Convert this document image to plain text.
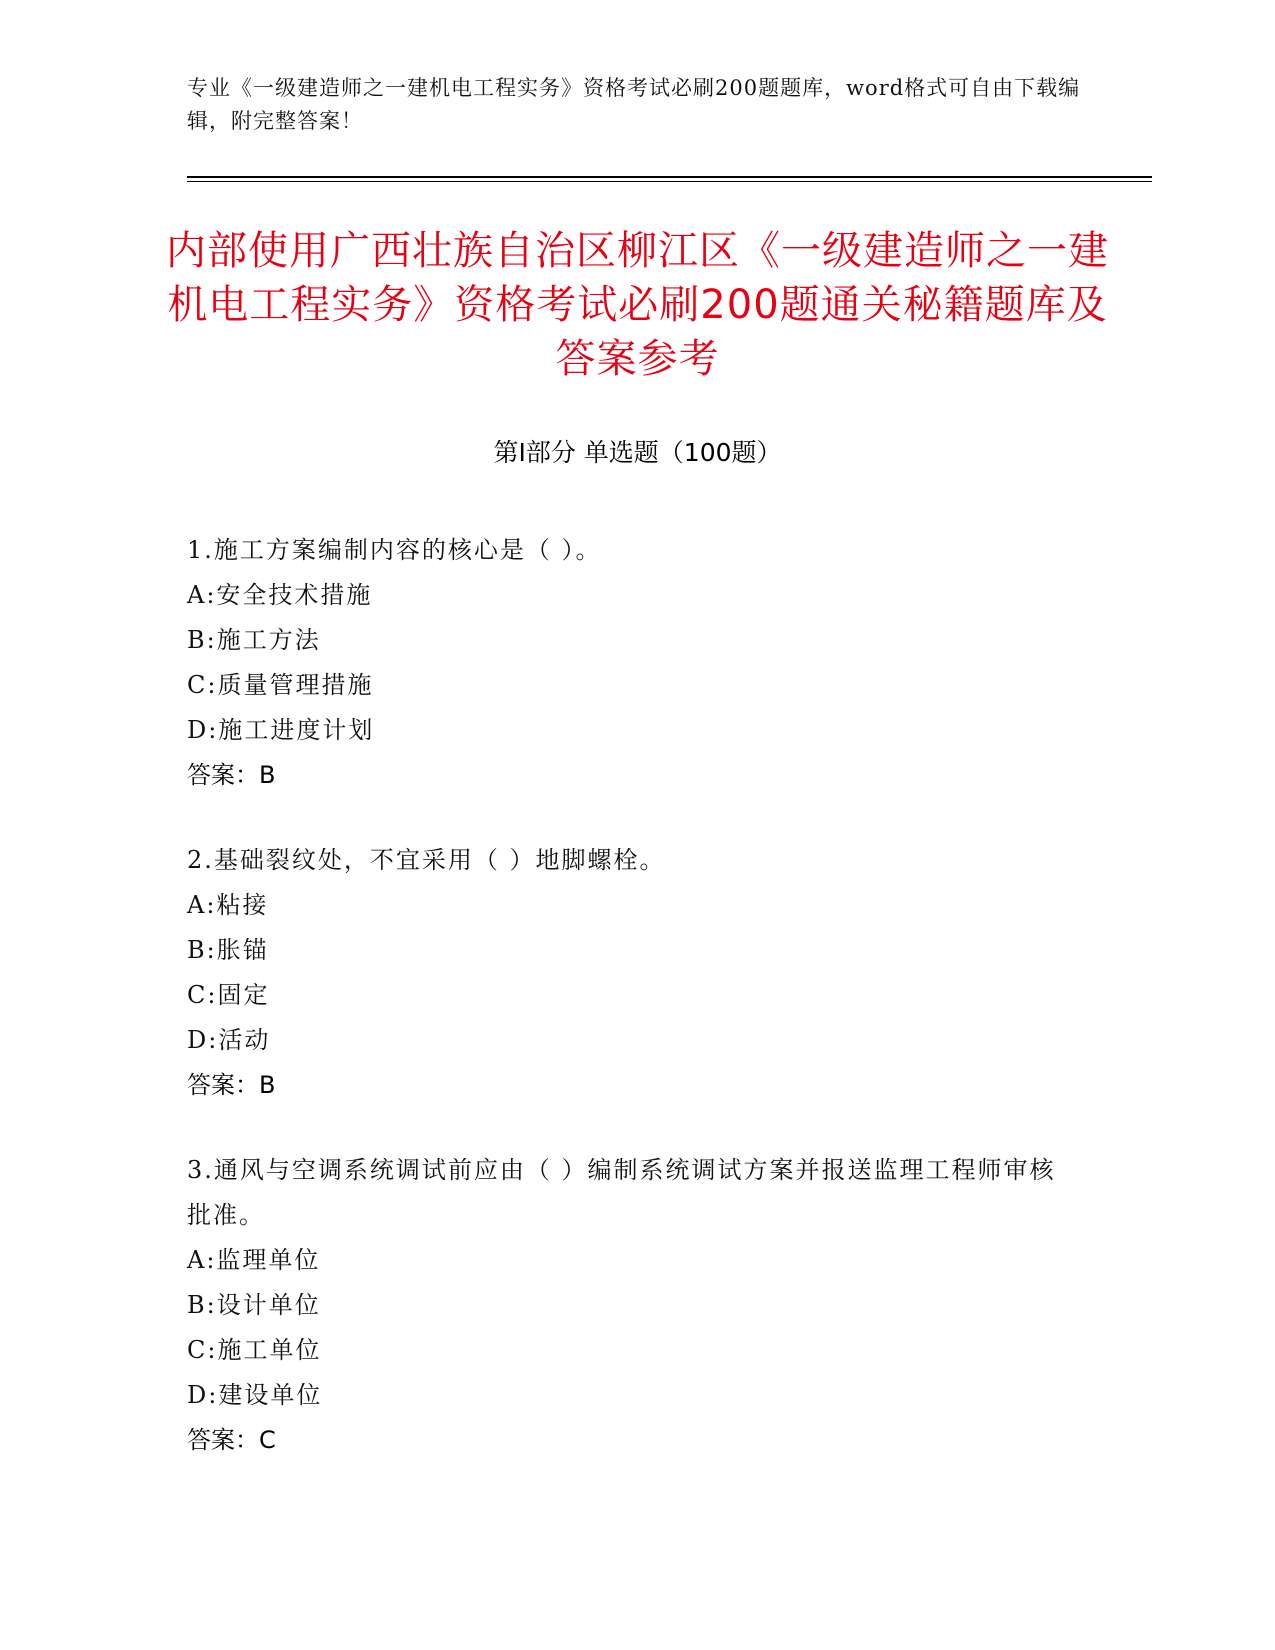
专业《一级建造师之一建机电工程实务》资格考试必刷200题题库，word格式可自由下载编辑，附完整答案！
内部使用广西壮族自治区柳江区《一级建造师之一建机电工程实务》资格考试必刷200题通关秘籍题库及答案参考
第Ⅰ部分 单选题（100题）
1.施工方案编制内容的核心是（ ）。
A:安全技术措施
B:施工方法
C:质量管理措施
D:施工进度计划
答案：B
2.基础裂纹处，不宜采用（ ）地脚螺栓。
A:粘接
B:胀锚
C:固定
D:活动
答案：B
3.通风与空调系统调试前应由（ ）编制系统调试方案并报送监理工程师审核批准。
A:监理单位
B:设计单位
C:施工单位
D:建设单位
答案：C
